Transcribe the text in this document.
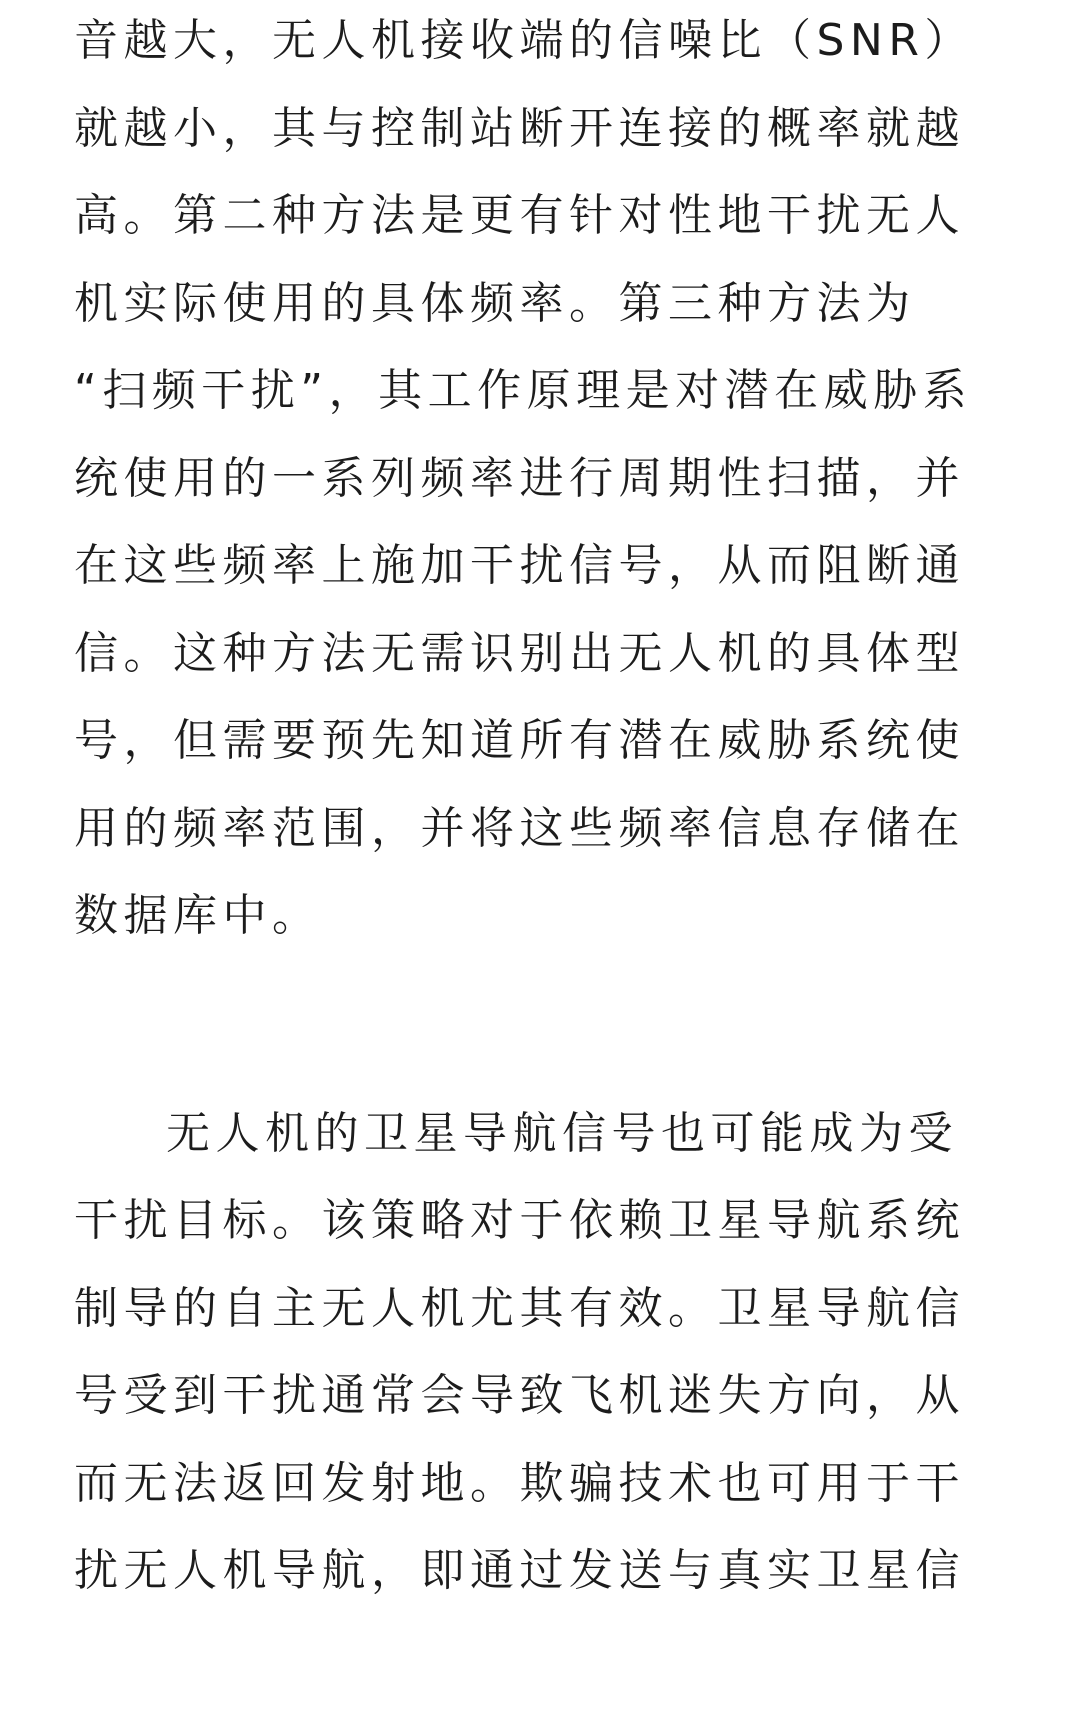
音越大，无人机接收端的信噪比（SNR）
就越小，其与控制站断开连接的概率就越
高。第二种方法是更有针对性地干扰无人
机实际使用的具体频率。第三种方法为
“扫频干扰”，其工作原理是对潜在威胁系
统使用的一系列频率进行周期性扫描，并
在这些频率上施加干扰信号，从而阻断通
信。这种方法无需识别出无人机的具体型
号，但需要预先知道所有潜在威胁系统使
用的频率范围，并将这些频率信息存储在
数据库中。
无人机的卫星导航信号也可能成为受
干扰目标。该策略对于依赖卫星导航系统
制导的自主无人机尤其有效。卫星导航信
号受到干扰通常会导致飞机迷失方向，从
而无法返回发射地。欺骗技术也可用于干
扰无人机导航，即通过发送与真实卫星信
